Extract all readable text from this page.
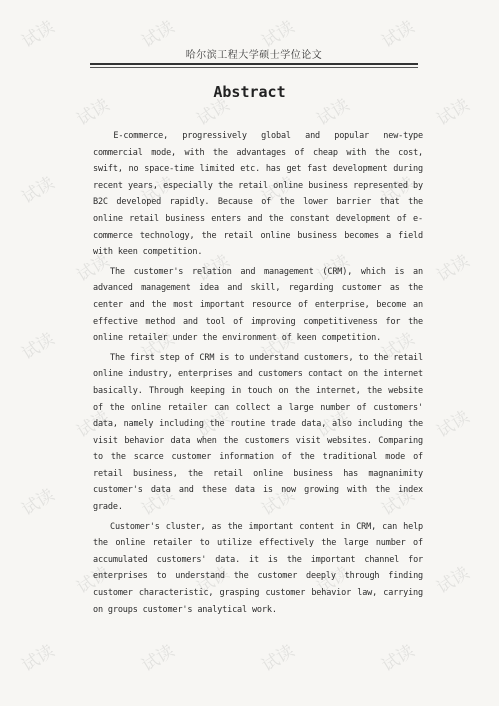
试读	试读	试读	试读
试读	试读	试读	试读
试读	试读	试读	试读
试读	试读	试读	试读
试读	试读	试读	试读
试读	试读	试读	试读
试读	试读	试读	试读
试读	试读	试读	试读
试读	试读	试读	试读
哈尔滨工程大学硕士学位论文
Abstract

E-commerce, progressively global and popular new-type commercial mode, with the advantages of cheap with the cost, swift, no space-time limited etc. has get fast development during recent years, especially the retail online business represented by B2C developed rapidly. Because of the lower barrier that the online retail business enters and the constant development of e-commerce technology, the retail online business becomes a field with keen competition.

The customer's relation and management (CRM), which is an advanced management idea and skill, regarding customer as the center and the most important resource of enterprise, become an effective method and tool of improving competitiveness for the online retailer under the environment of keen competition.

The first step of CRM is to understand customers, to the retail online industry, enterprises and customers contact on the internet basically. Through keeping in touch on the internet, the website of the online retailer can collect a large number of customers' data, namely including the routine trade data, also including the visit behavior data when the customers visit websites. Comparing to the scarce customer information of the traditional mode of retail business, the retail online business has magnanimity customer's data and these data is now growing with the index grade.

Customer's cluster, as the important content in CRM, can help the online retailer to utilize effectively the large number of accumulated customers' data. it is the important channel for enterprises to understand the customer deeply through finding customer characteristic, grasping customer behavior law, carrying on groups customer's analytical work.
